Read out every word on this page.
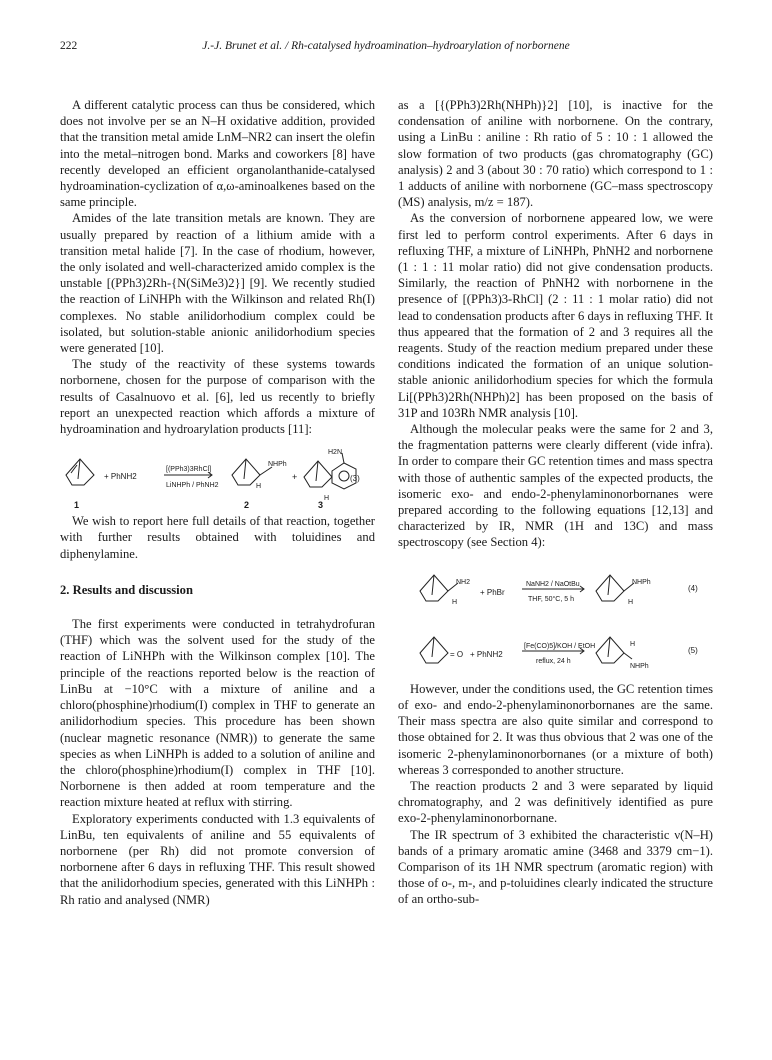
222	J.-J. Brunet et al. / Rh-catalysed hydroamination–hydroarylation of norbornene

A different catalytic process can thus be considered, which does not involve per se an N–H oxidative addition, provided that the transition metal amide LnM–NR2 can insert the olefin into the metal–nitrogen bond. Marks and coworkers [8] have recently developed an efficient organolanthanide-catalysed hydroamination-cyclization of α,ω-aminoalkenes based on the same principle.

Amides of the late transition metals are known. They are usually prepared by reaction of a lithium amide with a transition metal halide [7]. In the case of rhodium, however, the only isolated and well-characterized amido complex is the unstable [(PPh3)2Rh-{N(SiMe3)2}] [9]. We recently studied the reaction of LiNHPh with the Wilkinson and related Rh(I) complexes. No stable anilidorhodium complex could be isolated, but solution-stable anionic anilidorhodium species were generated [10].

The study of the reactivity of these systems towards norbornene, chosen for the purpose of comparison with the results of Casalnuovo et al. [6], led us recently to briefly report an unexpected reaction which affords a mixture of hydroamination and hydroarylation products [11]:

+ PhNH2
[(PPh3)3RhCl]
LiNHPh / PhNH2
NHPh
H
+
H2N
H
(3)
1	2	3

We wish to report here full details of that reaction, together with further results obtained with toluidines and diphenylamine.

2. Results and discussion

The first experiments were conducted in tetrahydrofuran (THF) which was the solvent used for the study of the reaction of LiNHPh with the Wilkinson complex [10]. The principle of the reactions reported below is the reaction of LinBu at −10°C with a mixture of aniline and a chloro(phosphine)rhodium(I) complex in THF to generate an anilidorhodium species. This procedure has been shown (nuclear magnetic resonance (NMR)) to generate the same species as when LiNHPh is added to a solution of aniline and the chloro(phosphine)rhodium(I) complex in THF [10]. Norbornene is then added at room temperature and the reaction mixture heated at reflux with stirring.

Exploratory experiments conducted with 1.3 equivalents of LinBu, ten equivalents of aniline and 55 equivalents of norbornene (per Rh) did not promote conversion of norbornene after 6 days in refluxing THF. This result showed that the anilidorhodium species, generated with this LiNHPh : Rh ratio and analysed (NMR)

as a [{(PPh3)2Rh(NHPh)}2] [10], is inactive for the condensation of aniline with norbornene. On the contrary, using a LinBu : aniline : Rh ratio of 5 : 10 : 1 allowed the slow formation of two products (gas chromatography (GC) analysis) 2 and 3 (about 30 : 70 ratio) which correspond to 1 : 1 adducts of aniline with norbornene (GC–mass spectroscopy (MS) analysis, m/z = 187).

As the conversion of norbornene appeared low, we were first led to perform control experiments. After 6 days in refluxing THF, a mixture of LiNHPh, PhNH2 and norbornene (1 : 1 : 11 molar ratio) did not give condensation products. Similarly, the reaction of PhNH2 with norbornene in the presence of [(PPh3)3-RhCl] (2 : 11 : 1 molar ratio) did not lead to condensation products after 6 days in refluxing THF. It thus appeared that the formation of 2 and 3 requires all the reagents. Study of the reaction medium prepared under these conditions indicated the formation of an unique solution-stable anionic anilidorhodium species for which the formula Li[(PPh3)2Rh(NHPh)2] has been proposed on the basis of 31P and 103Rh NMR analysis [10].

Although the molecular peaks were the same for 2 and 3, the fragmentation patterns were clearly different (vide infra). In order to compare their GC retention times and mass spectra with those of authentic samples of the expected products, the isomeric exo- and endo-2-phenylaminonorbornanes were prepared according to the following equations [12,13] and characterized by IR, NMR (1H and 13C) and mass spectroscopy (see Section 4):

NH2
H
+ PhBr
NaNH2 / NaOtBu
THF, 50°C, 5 h
NHPh
H
(4)
= O + PhNH2
[Fe(CO)5]/KOH / EtOH
reflux, 24 h
H
NHPh
(5)

However, under the conditions used, the GC retention times of exo- and endo-2-phenylaminonorbornanes are the same. Their mass spectra are also quite similar and correspond to those obtained for 2. It was thus obvious that 2 was one of the isomeric 2-phenylaminonorbornanes (or a mixture of both) whereas 3 corresponded to another structure.

The reaction products 2 and 3 were separated by liquid chromatography, and 2 was definitively identified as pure exo-2-phenylaminonorbornane.

The IR spectrum of 3 exhibited the characteristic ν(N–H) bands of a primary aromatic amine (3468 and 3379 cm−1). Comparison of its 1H NMR spectrum (aromatic region) with those of o-, m-, and p-toluidines clearly indicated the structure of an ortho-sub-
